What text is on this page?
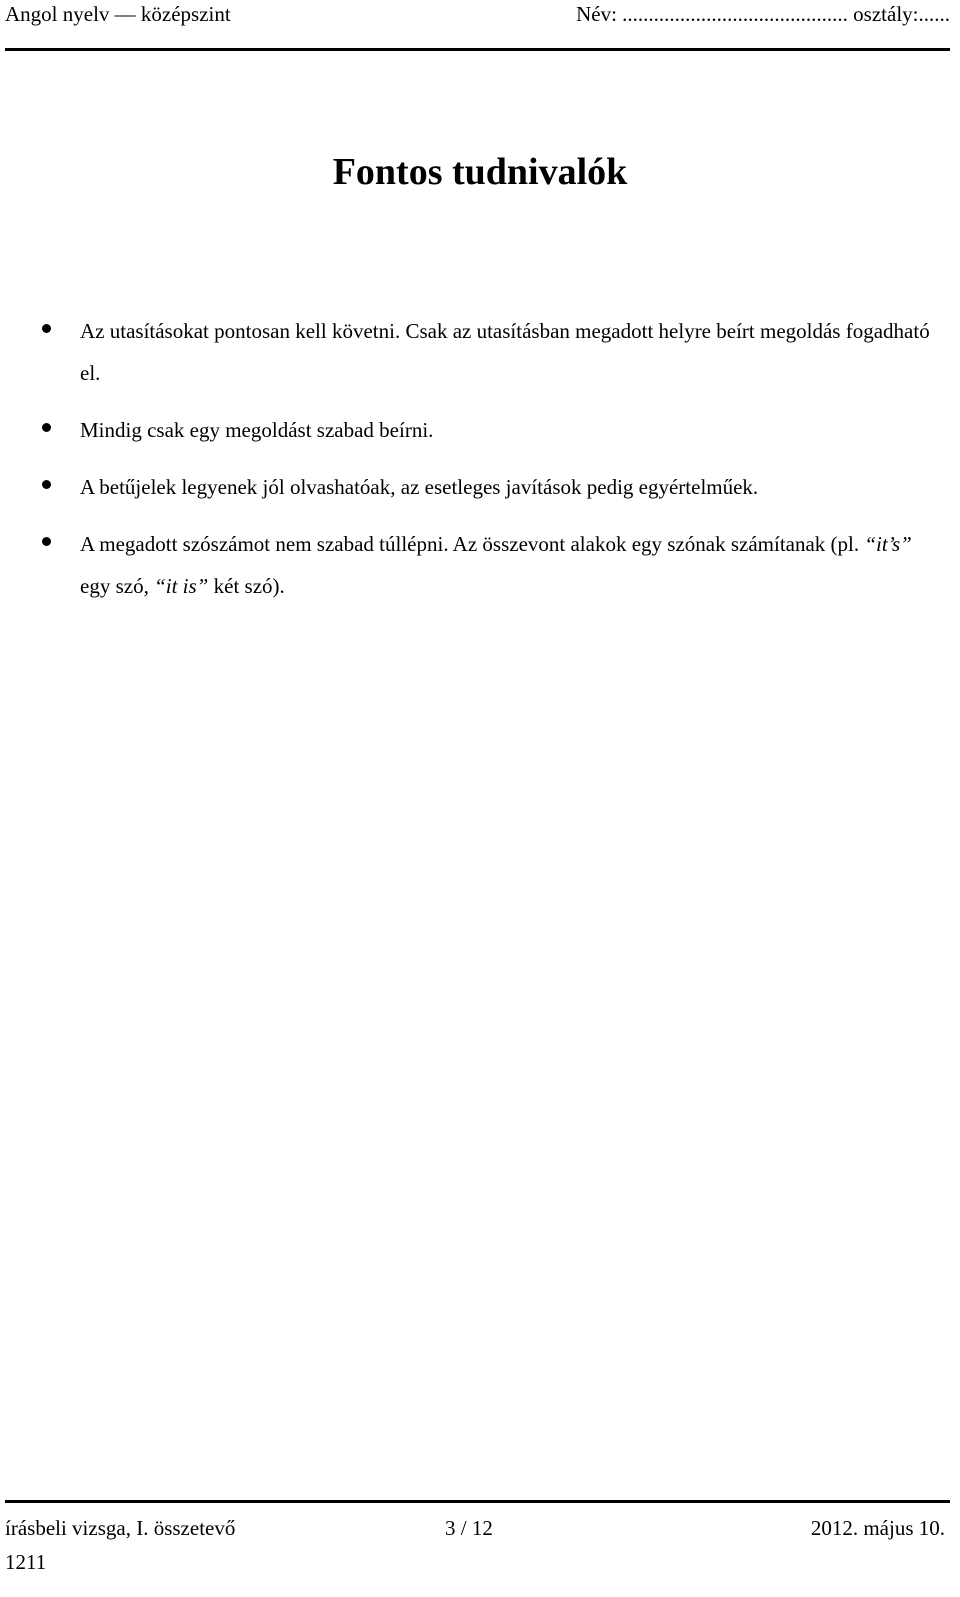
Angol nyelv — középszint	Név: ........................................... osztály:......
Fontos tudnivalók
Az utasításokat pontosan kell követni. Csak az utasításban megadott helyre beírt megoldás fogadható el.
Mindig csak egy megoldást szabad beírni.
A betűjelek legyenek jól olvashatóak, az esetleges javítások pedig egyértelműek.
A megadott szószámot nem szabad túllépni. Az összevont alakok egy szónak számítanak (pl. “it’s” egy szó, “it is” két szó).
írásbeli vizsga, I. összetevő	3 / 12	2012. május 10.
1211
